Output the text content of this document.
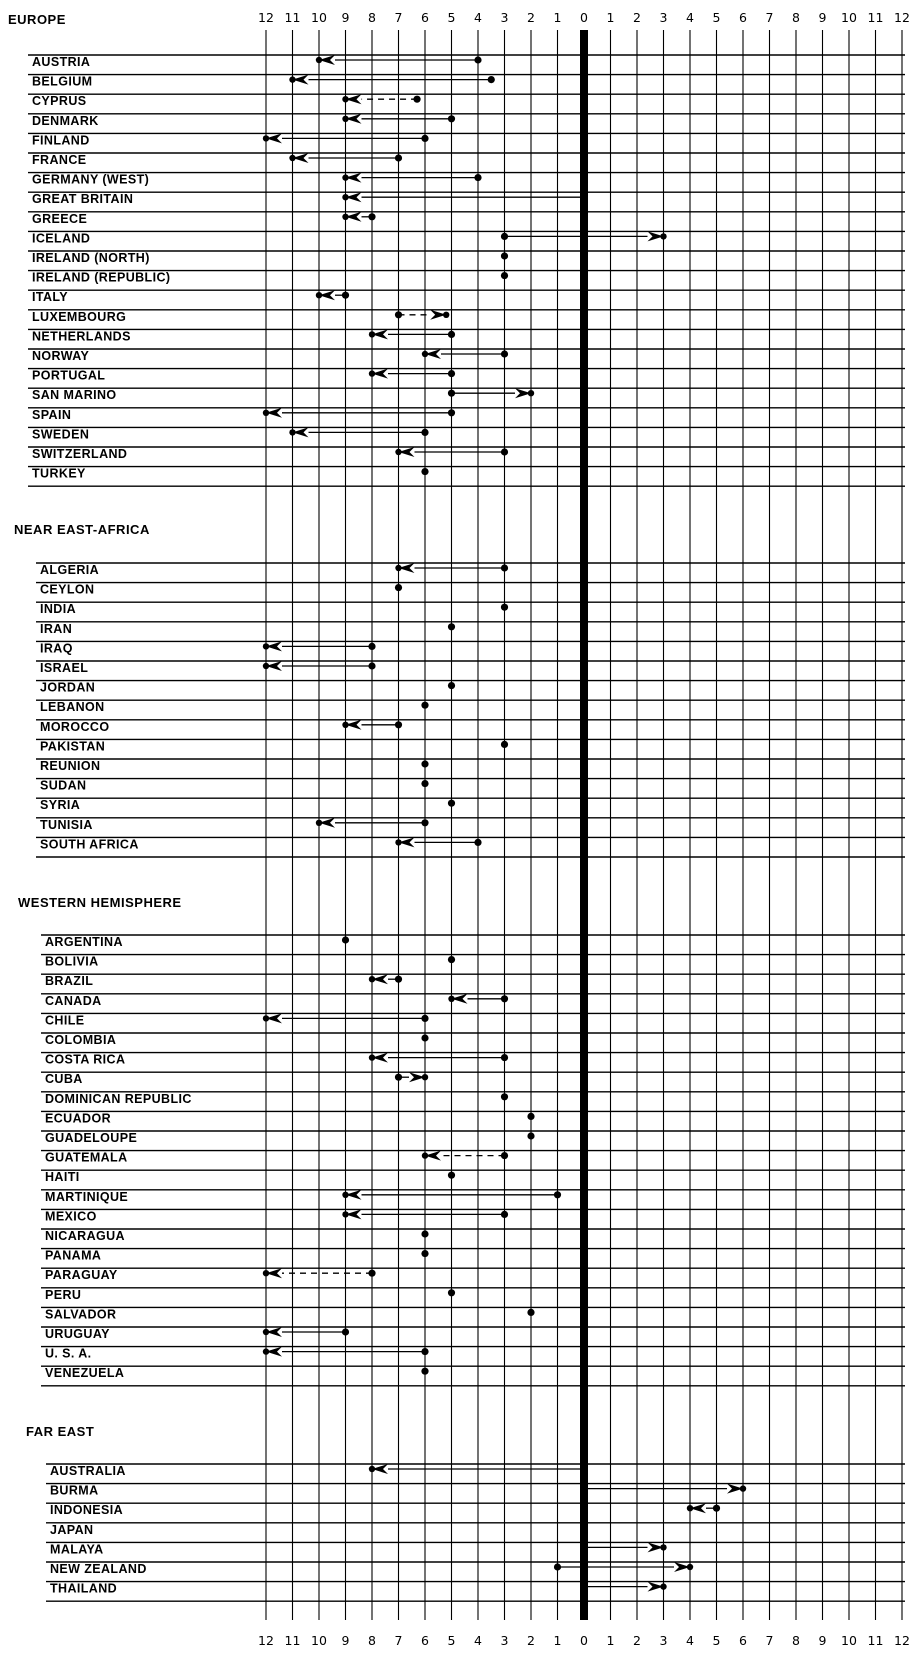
EUROPE
AUSTRIA
BELGIUM
CYPRUS
DENMARK
FINLAND
FRANCE
GERMANY (WEST)
GREAT BRITAIN
GREECE
ICELAND
IRELAND (NORTH)
IRELAND (REPUBLIC)
ITALY
LUXEMBOURG
NETHERLANDS
NORWAY
PORTUGAL
SAN MARINO
SPAIN
SWEDEN
SWITZERLAND
TURKEY
NEAR EAST-AFRICA
ALGERIA
CEYLON
INDIA
IRAN
IRAQ
ISRAEL
JORDAN
LEBANON
MOROCCO
PAKISTAN
REUNION
SUDAN
SYRIA
TUNISIA
SOUTH AFRICA
WESTERN HEMISPHERE
ARGENTINA
BOLIVIA
BRAZIL
CANADA
CHILE
COLOMBIA
COSTA RICA
CUBA
DOMINICAN REPUBLIC
ECUADOR
GUADELOUPE
GUATEMALA
HAITI
MARTINIQUE
MEXICO
NICARAGUA
PANAMA
PARAGUAY
PERU
SALVADOR
URUGUAY
U. S. A.
VENEZUELA
FAR EAST
AUSTRALIA
BURMA
INDONESIA
JAPAN
MALAYA
NEW ZEALAND
THAILAND
12
12
11
11
10
10
9
9
8
8
7
7
6
6
5
5
4
4
3
3
2
2
1
1
0
0
1
1
2
2
3
3
4
4
5
5
6
6
7
7
8
8
9
9
10
10
11
11
12
12
